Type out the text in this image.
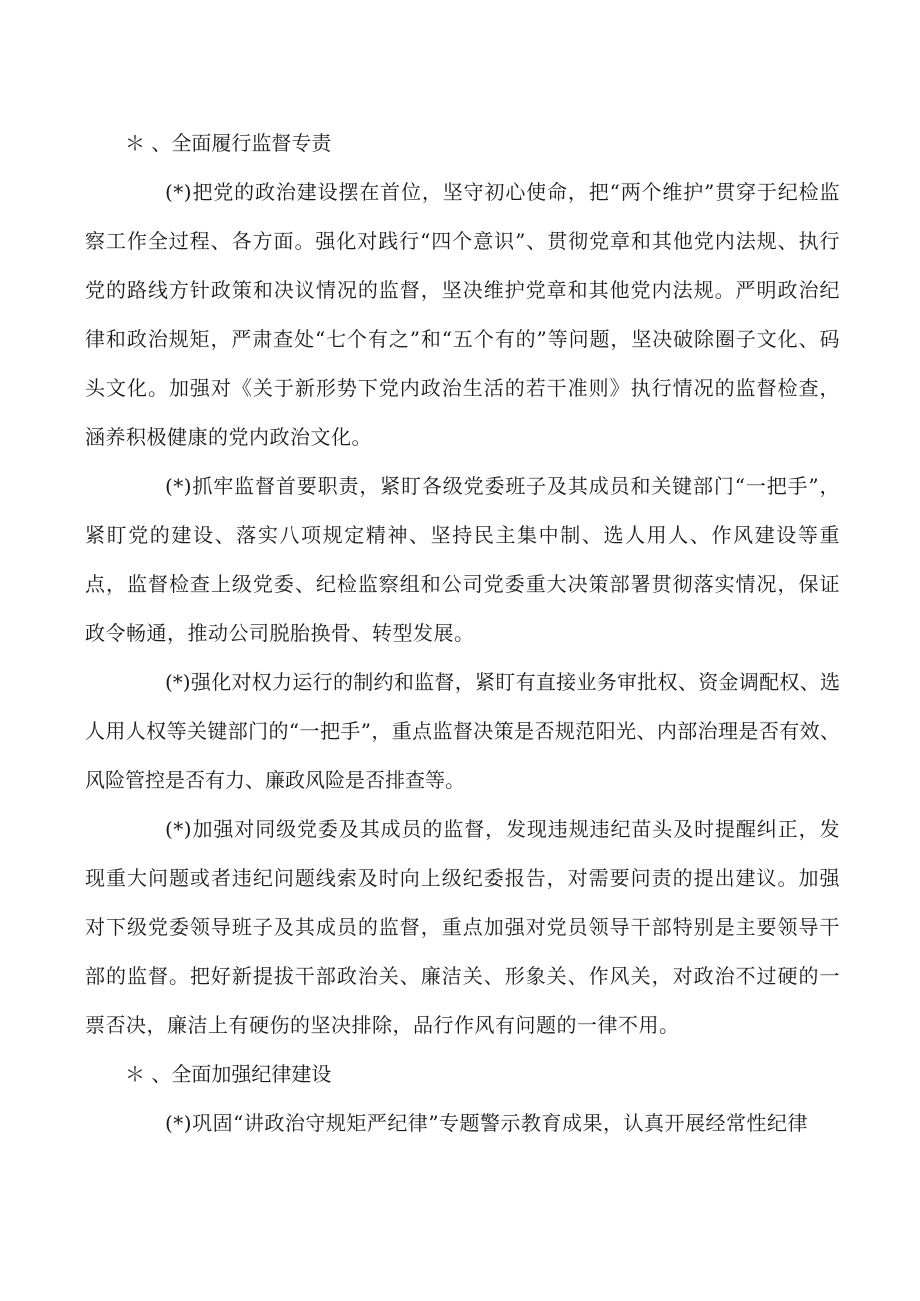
＊ 、全面履行监督专责

(*)把党的政治建设摆在首位，坚守初心使命，把“两个维护”贯穿于纪检监察工作全过程、各方面。强化对践行“四个意识”、贯彻党章和其他党内法规、执行党的路线方针政策和决议情况的监督，坚决维护党章和其他党内法规。严明政治纪律和政治规矩，严肃查处“七个有之”和“五个有的”等问题，坚决破除圈子文化、码头文化。加强对《关于新形势下党内政治生活的若干准则》执行情况的监督检查，涵养积极健康的党内政治文化。

(*)抓牢监督首要职责，紧盯各级党委班子及其成员和关键部门“一把手”，紧盯党的建设、落实八项规定精神、坚持民主集中制、选人用人、作风建设等重点，监督检查上级党委、纪检监察组和公司党委重大决策部署贯彻落实情况，保证政令畅通，推动公司脱胎换骨、转型发展。

(*)强化对权力运行的制约和监督，紧盯有直接业务审批权、资金调配权、选人用人权等关键部门的“一把手”，重点监督决策是否规范阳光、内部治理是否有效、风险管控是否有力、廉政风险是否排查等。

(*)加强对同级党委及其成员的监督，发现违规违纪苗头及时提醒纠正，发现重大问题或者违纪问题线索及时向上级纪委报告，对需要问责的提出建议。加强对下级党委领导班子及其成员的监督，重点加强对党员领导干部特别是主要领导干部的监督。把好新提拔干部政治关、廉洁关、形象关、作风关，对政治不过硬的一票否决，廉洁上有硬伤的坚决排除，品行作风有问题的一律不用。

＊ 、全面加强纪律建设

(*)巩固“讲政治守规矩严纪律”专题警示教育成果，认真开展经常性纪律
